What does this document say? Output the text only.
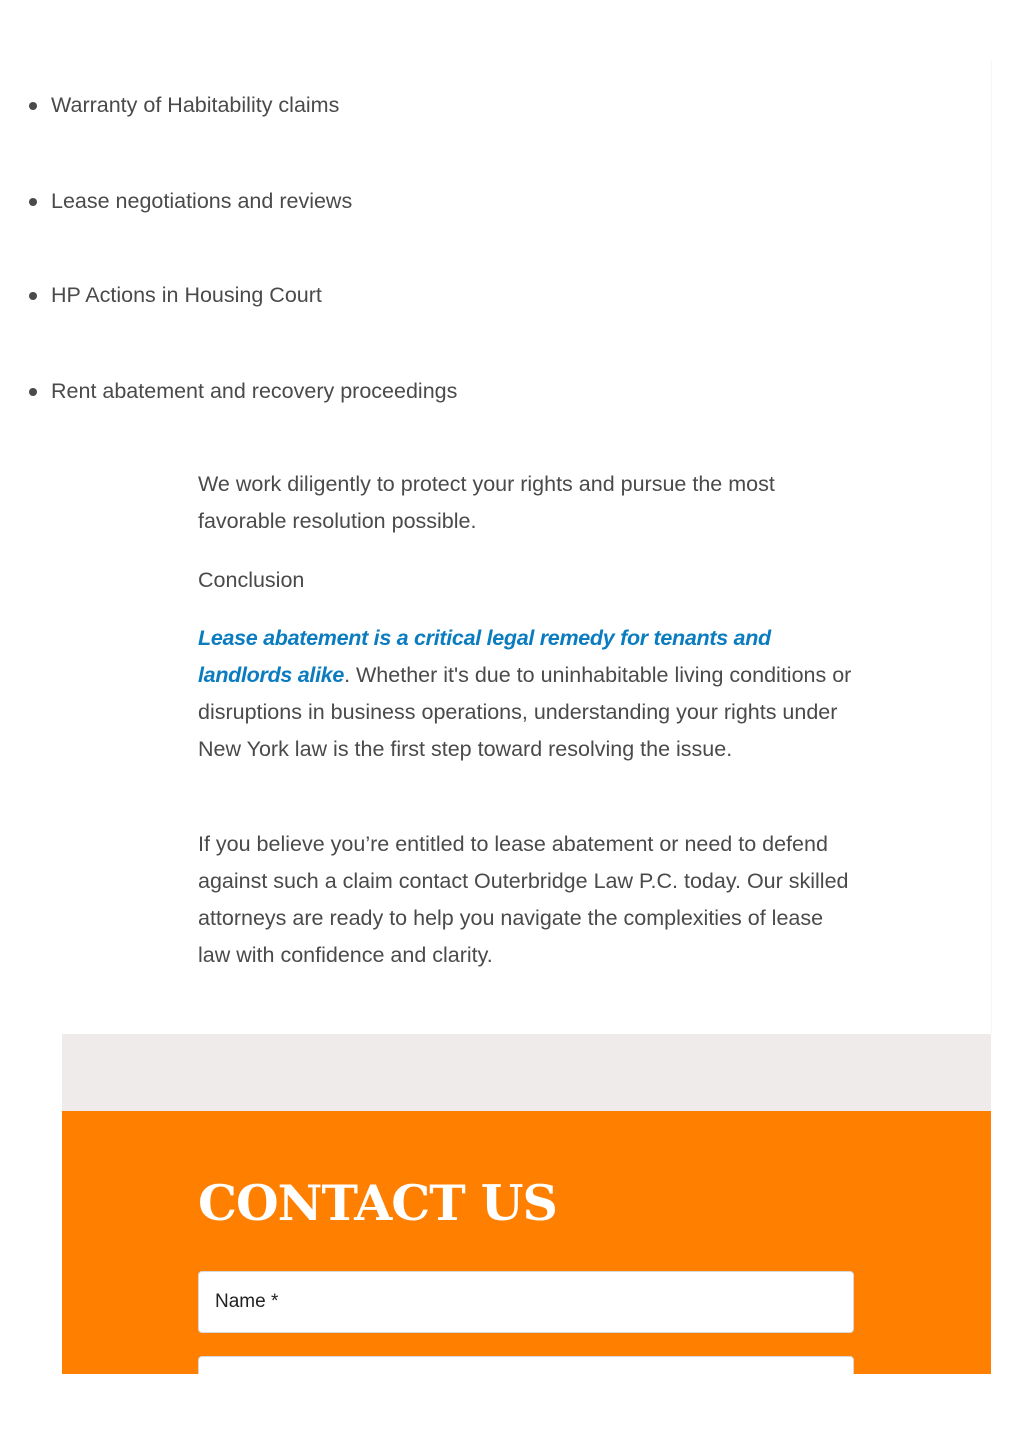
Warranty of Habitability claims
Lease negotiations and reviews
HP Actions in Housing Court
Rent abatement and recovery proceedings

We work diligently to protect your rights and pursue the most favorable resolution possible.

Conclusion

Lease abatement is a critical legal remedy for tenants and landlords alike. Whether it's due to uninhabitable living conditions or disruptions in business operations, understanding your rights under New York law is the first step toward resolving the issue.

If you believe you’re entitled to lease abatement or need to defend against such a claim contact Outerbridge Law P.C. today. Our skilled attorneys are ready to help you navigate the complexities of lease law with confidence and clarity.

CONTACT US
Name *
